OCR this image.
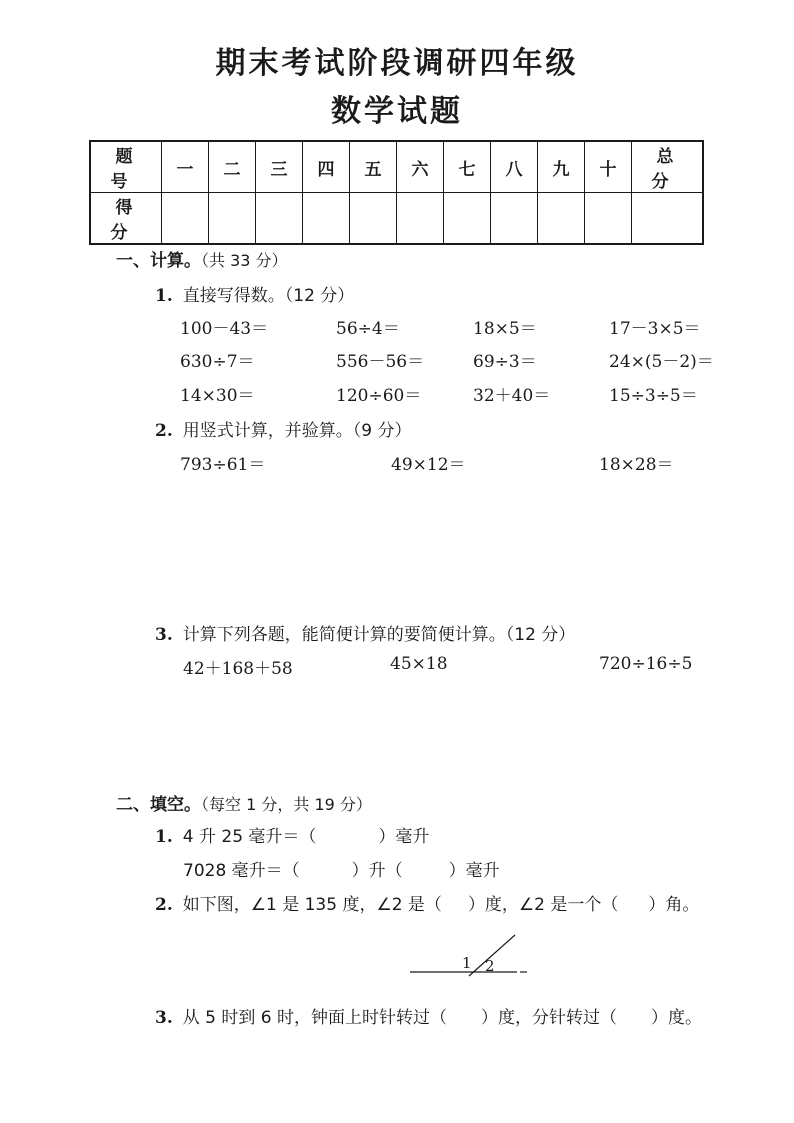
期末考试阶段调研四年级
数学试题
题号	一	二	三	四	五	六	七	八	九	十	总分
得分											
一、计算。（共 33 分）
1. 直接写得数。（12 分）
100－43＝	56÷4＝	18×5＝	17－3×5＝
630÷7＝	556－56＝	69÷3＝	24×(5－2)＝
14×30＝	120÷60＝	32＋40＝	15÷3÷5＝
2. 用竖式计算，并验算。（9 分）
793÷61＝	49×12＝	18×28＝
3. 计算下列各题，能简便计算的要简便计算。（12 分）
42＋168＋58	45×18	720÷16÷5
二、填空。（每空 1 分，共 19 分）
1. 4 升 25 毫升＝（	）毫升
7028 毫升＝（	）升（	）毫升
2. 如下图，∠1 是 135 度，∠2 是（ ）度，∠2 是一个（ ）角。
1 2
3. 从 5 时到 6 时，钟面上时针转过（ ）度，分针转过（ ）度。
